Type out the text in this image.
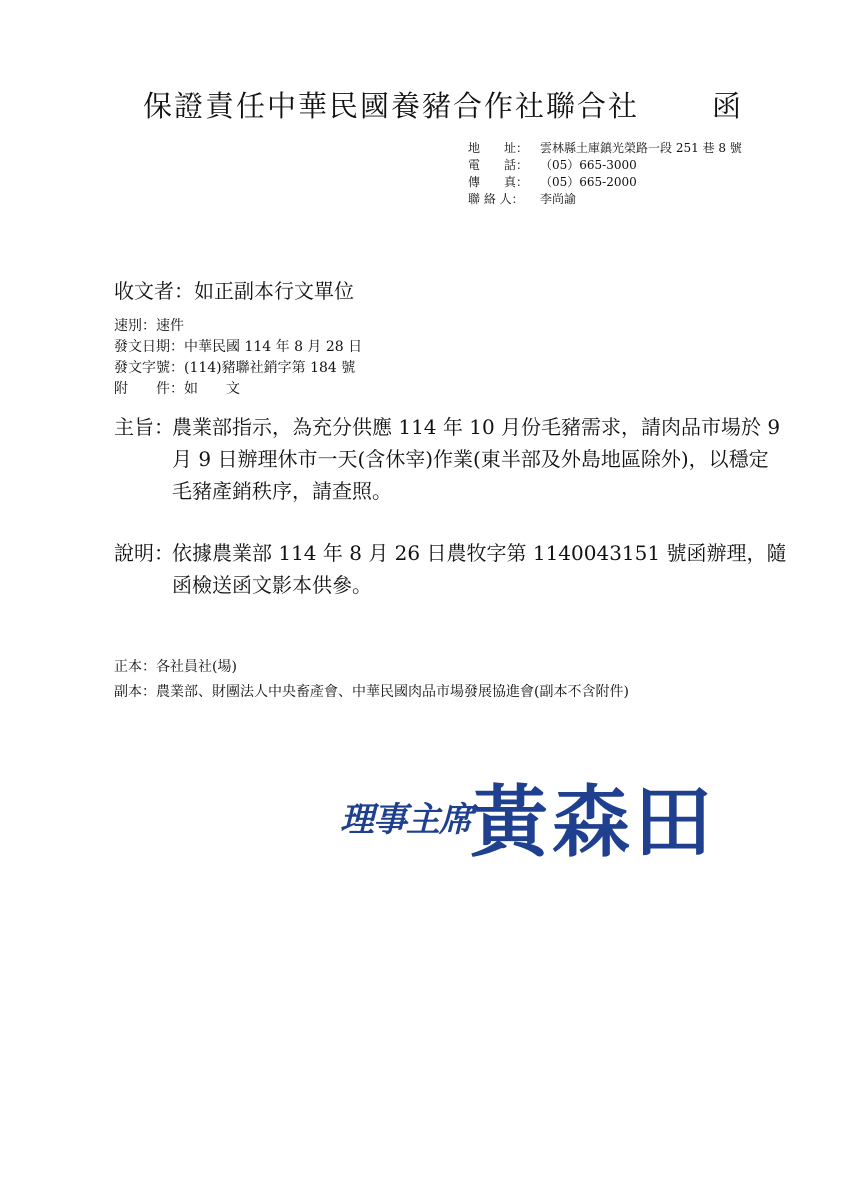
保證責任中華民國養豬合作社聯合社	函
地　　址： 雲林縣土庫鎮光榮路一段 251 巷 8 號
電　　話： （05）665-3000
傳　　真： （05）665-2000
聯 絡 人：	李尚諭
收文者：如正副本行文單位
速別：速件
發文日期：中華民國 114 年 8 月 28 日
發文字號：(114)豬聯社銷字第 184 號
附　　件：如　　文
主旨：
農業部指示，為充分供應 114 年 10 月份毛豬需求，請肉品市場於 9 月 9 日辦理休市一天(含休宰)作業(東半部及外島地區除外)，以穩定毛豬產銷秩序，請查照。
說明：
依據農業部 114 年 8 月 26 日農牧字第 1140043151 號函辦理，隨函檢送函文影本供參。
正本：各社員社(場)
副本：農業部、財團法人中央畜產會、中華民國肉品市場發展協進會(副本不含附件)
理事主席
黃森田
